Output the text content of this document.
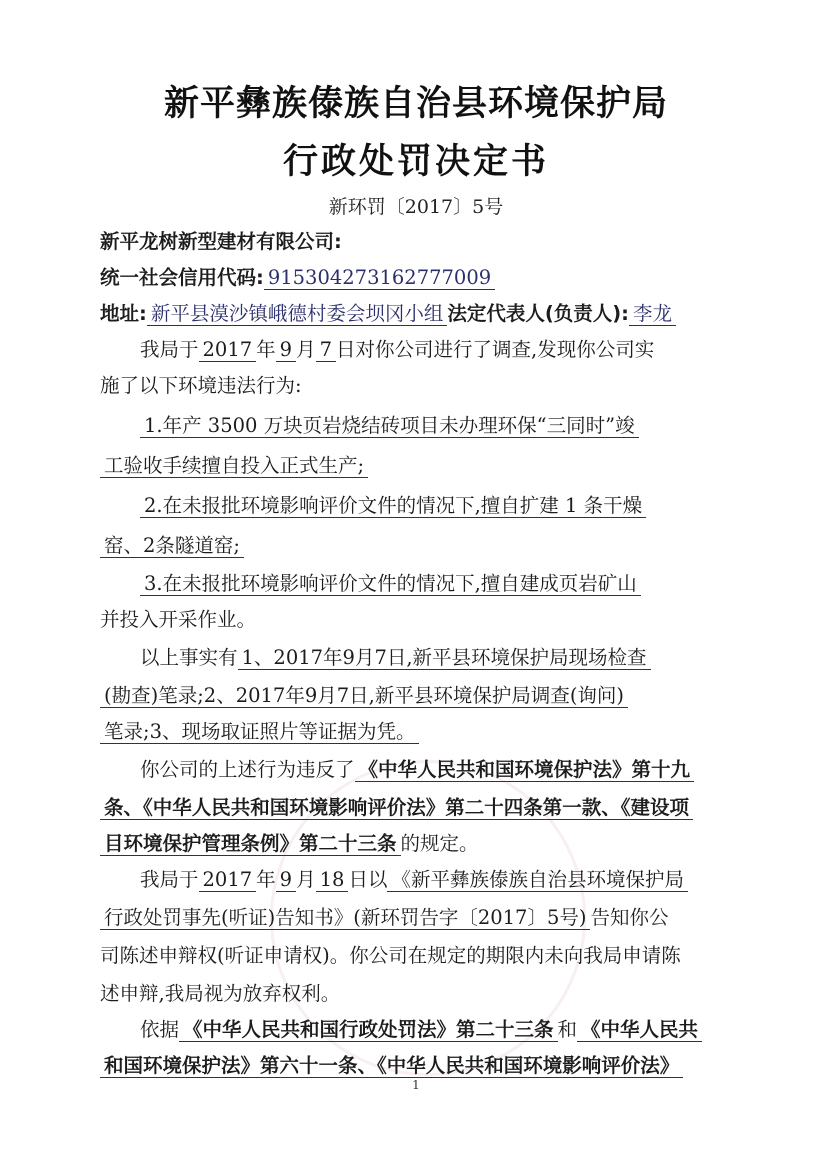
新平彝族傣族自治县环境保护局
行政处罚决定书
新环罚〔2017〕5号
新平龙树新型建材有限公司:
统一社会信用代码: 915304273162777009
地址: 新平县漠沙镇峨德村委会坝冈小组 法定代表人(负责人): 李龙
我局于 2017 年 9 月 7 日对你公司进行了调查,发现你公司实
施了以下环境违法行为:
1.年产 3500 万块页岩烧结砖项目未办理环保“三同时”竣
工验收手续擅自投入正式生产;
2.在未报批环境影响评价文件的情况下,擅自扩建 1 条干燥
窑、2条隧道窑;
3.在未报批环境影响评价文件的情况下,擅自建成页岩矿山
并投入开采作业。
以上事实有 1、2017年9月7日,新平县环境保护局现场检查
(勘查)笔录;2、2017年9月7日,新平县环境保护局调查(询问)
笔录;3、现场取证照片等证据为凭。
你公司的上述行为违反了 《中华人民共和国环境保护法》第十九
条、《中华人民共和国环境影响评价法》第二十四条第一款、《建设项
目环境保护管理条例》第二十三条 的规定。
我局于 2017 年 9 月 18 日以 《新平彝族傣族自治县环境保护局
行政处罚事先(听证)告知书》(新环罚告字〔2017〕5号) 告知你公
司陈述申辩权(听证申请权)。你公司在规定的期限内未向我局申请陈
述申辩,我局视为放弃权利。
依据 《中华人民共和国行政处罚法》第二十三条 和 《中华人民共
和国环境保护法》第六十一条、《中华人民共和国环境影响评价法》
1
